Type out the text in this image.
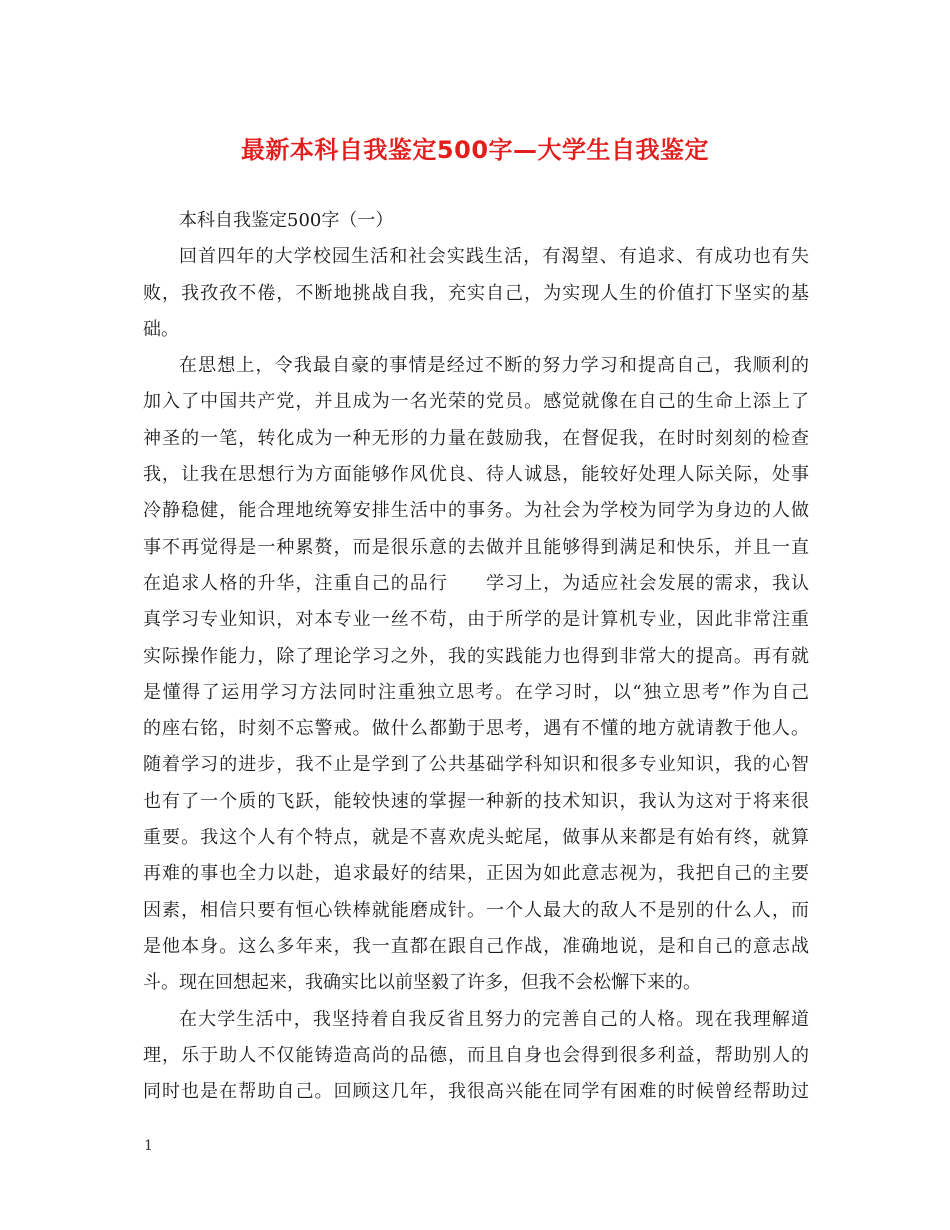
最新本科自我鉴定500字—大学生自我鉴定
本科自我鉴定500字（一）
回首四年的大学校园生活和社会实践生活，有渴望、有追求、有成功也有失
败，我孜孜不倦，不断地挑战自我，充实自己，为实现人生的价值打下坚实的基
础。
在思想上，令我最自豪的事情是经过不断的努力学习和提高自己，我顺利的
加入了中国共产党，并且成为一名光荣的党员。感觉就像在自己的生命上添上了
神圣的一笔，转化成为一种无形的力量在鼓励我，在督促我，在时时刻刻的检查
我，让我在思想行为方面能够作风优良、待人诚恳，能较好处理人际关际，处事
冷静稳健，能合理地统筹安排生活中的事务。为社会为学校为同学为身边的人做
事不再觉得是一种累赘，而是很乐意的去做并且能够得到满足和快乐，并且一直
在追求人格的升华，注重自己的品行　　学习上，为适应社会发展的需求，我认
真学习专业知识，对本专业一丝不苟，由于所学的是计算机专业，因此非常注重
实际操作能力，除了理论学习之外，我的实践能力也得到非常大的提高。再有就
是懂得了运用学习方法同时注重独立思考。在学习时，以“独立思考”作为自己
的座右铭，时刻不忘警戒。做什么都勤于思考，遇有不懂的地方就请教于他人。
随着学习的进步，我不止是学到了公共基础学科知识和很多专业知识，我的心智
也有了一个质的飞跃，能较快速的掌握一种新的技术知识，我认为这对于将来很
重要。我这个人有个特点，就是不喜欢虎头蛇尾，做事从来都是有始有终，就算
再难的事也全力以赴，追求最好的结果，正因为如此意志视为，我把自己的主要
因素，相信只要有恒心铁棒就能磨成针。一个人最大的敌人不是别的什么人，而
是他本身。这么多年来，我一直都在跟自己作战，准确地说，是和自己的意志战
斗。现在回想起来，我确实比以前坚毅了许多，但我不会松懈下来的。
在大学生活中，我坚持着自我反省且努力的完善自己的人格。现在我理解道
理，乐于助人不仅能铸造高尚的品德，而且自身也会得到很多利益，帮助别人的
同时也是在帮助自己。回顾这几年，我很高兴能在同学有困难的时候曾经帮助过
1
